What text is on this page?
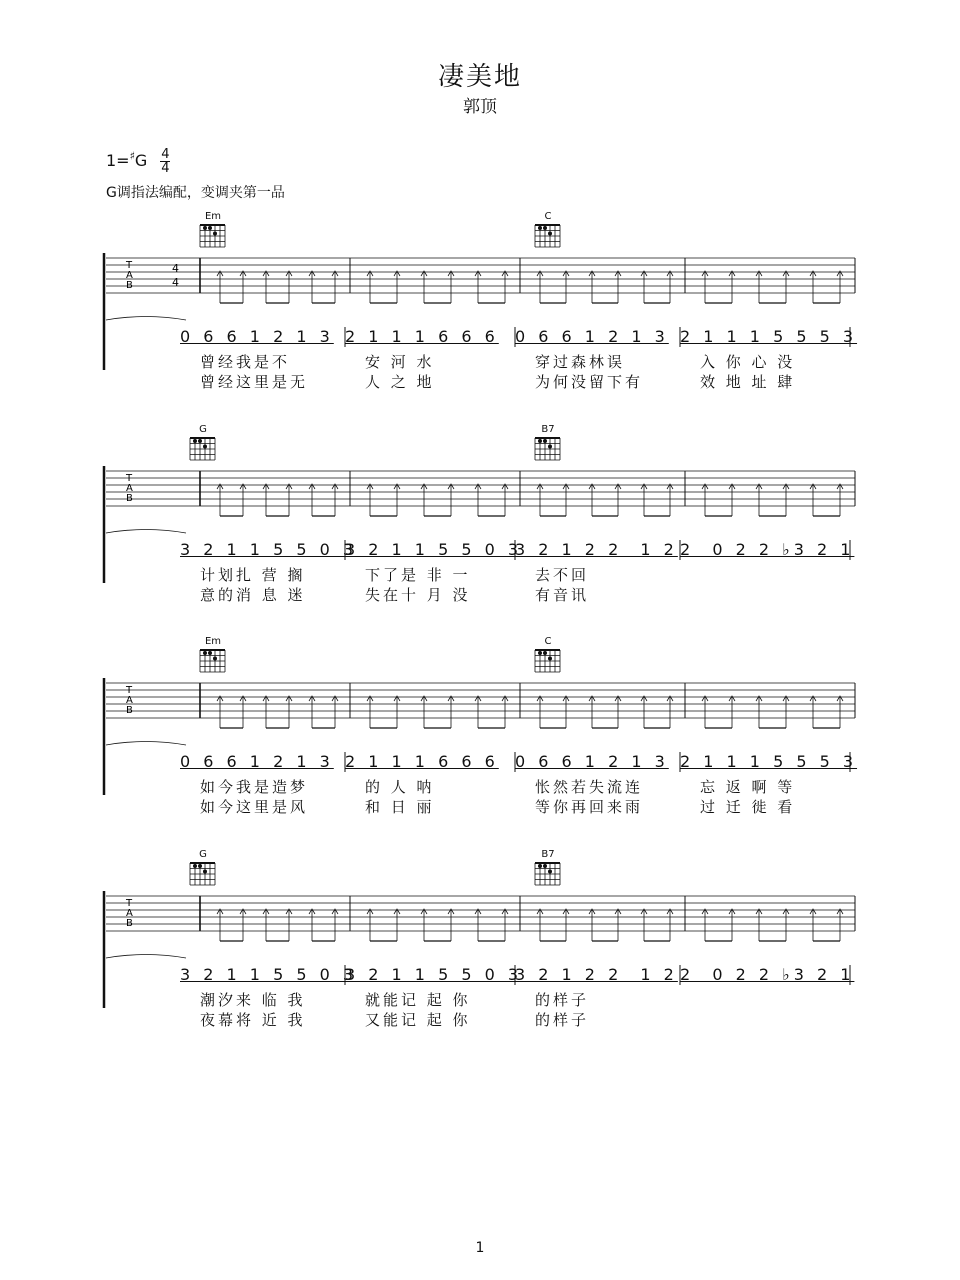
凄美地
郭顶
$1=^♯G \frac{4}{4}$
G调指法编配，变调夹第一品
Em	C
T
A
B
4
4
0 6 6 1 2 1 3
曾经我是不
曾经这里是无
2 1 1 1 6 6 6
安 河 水
人 之 地
0 6 6 1 2 1 3
穿过森林误
为何没留下有
2 1 1 1 5 5 5 3
入 你 心 没
效 地 址 肆
G	B7
T
A
B
3 2 1 1 5 5 0 3
计划扎 营 搁
意的消 息 迷
3 2 1 1 5 5 0 3
下了是 非 一
失在十 月 没
3 2 1 2 2  1 2
去不回
有音讯
2  0 2 2 ♭3 2 1
Em	C
T
A
B
0 6 6 1 2 1 3
如今我是造梦
如今这里是风
2 1 1 1 6 6 6
的 人 呐
和 日 丽
0 6 6 1 2 1 3
怅然若失流连
等你再回来雨
2 1 1 1 5 5 5 3
忘 返 啊 等
过 迁 徙 看
G	B7
T
A
B
3 2 1 1 5 5 0 3
潮汐来 临 我
夜幕将 近 我
3 2 1 1 5 5 0 3
就能记 起 你
又能记 起 你
3 2 1 2 2  1 2
的样子
的样子
2  0 2 2 ♭3 2 1
1
